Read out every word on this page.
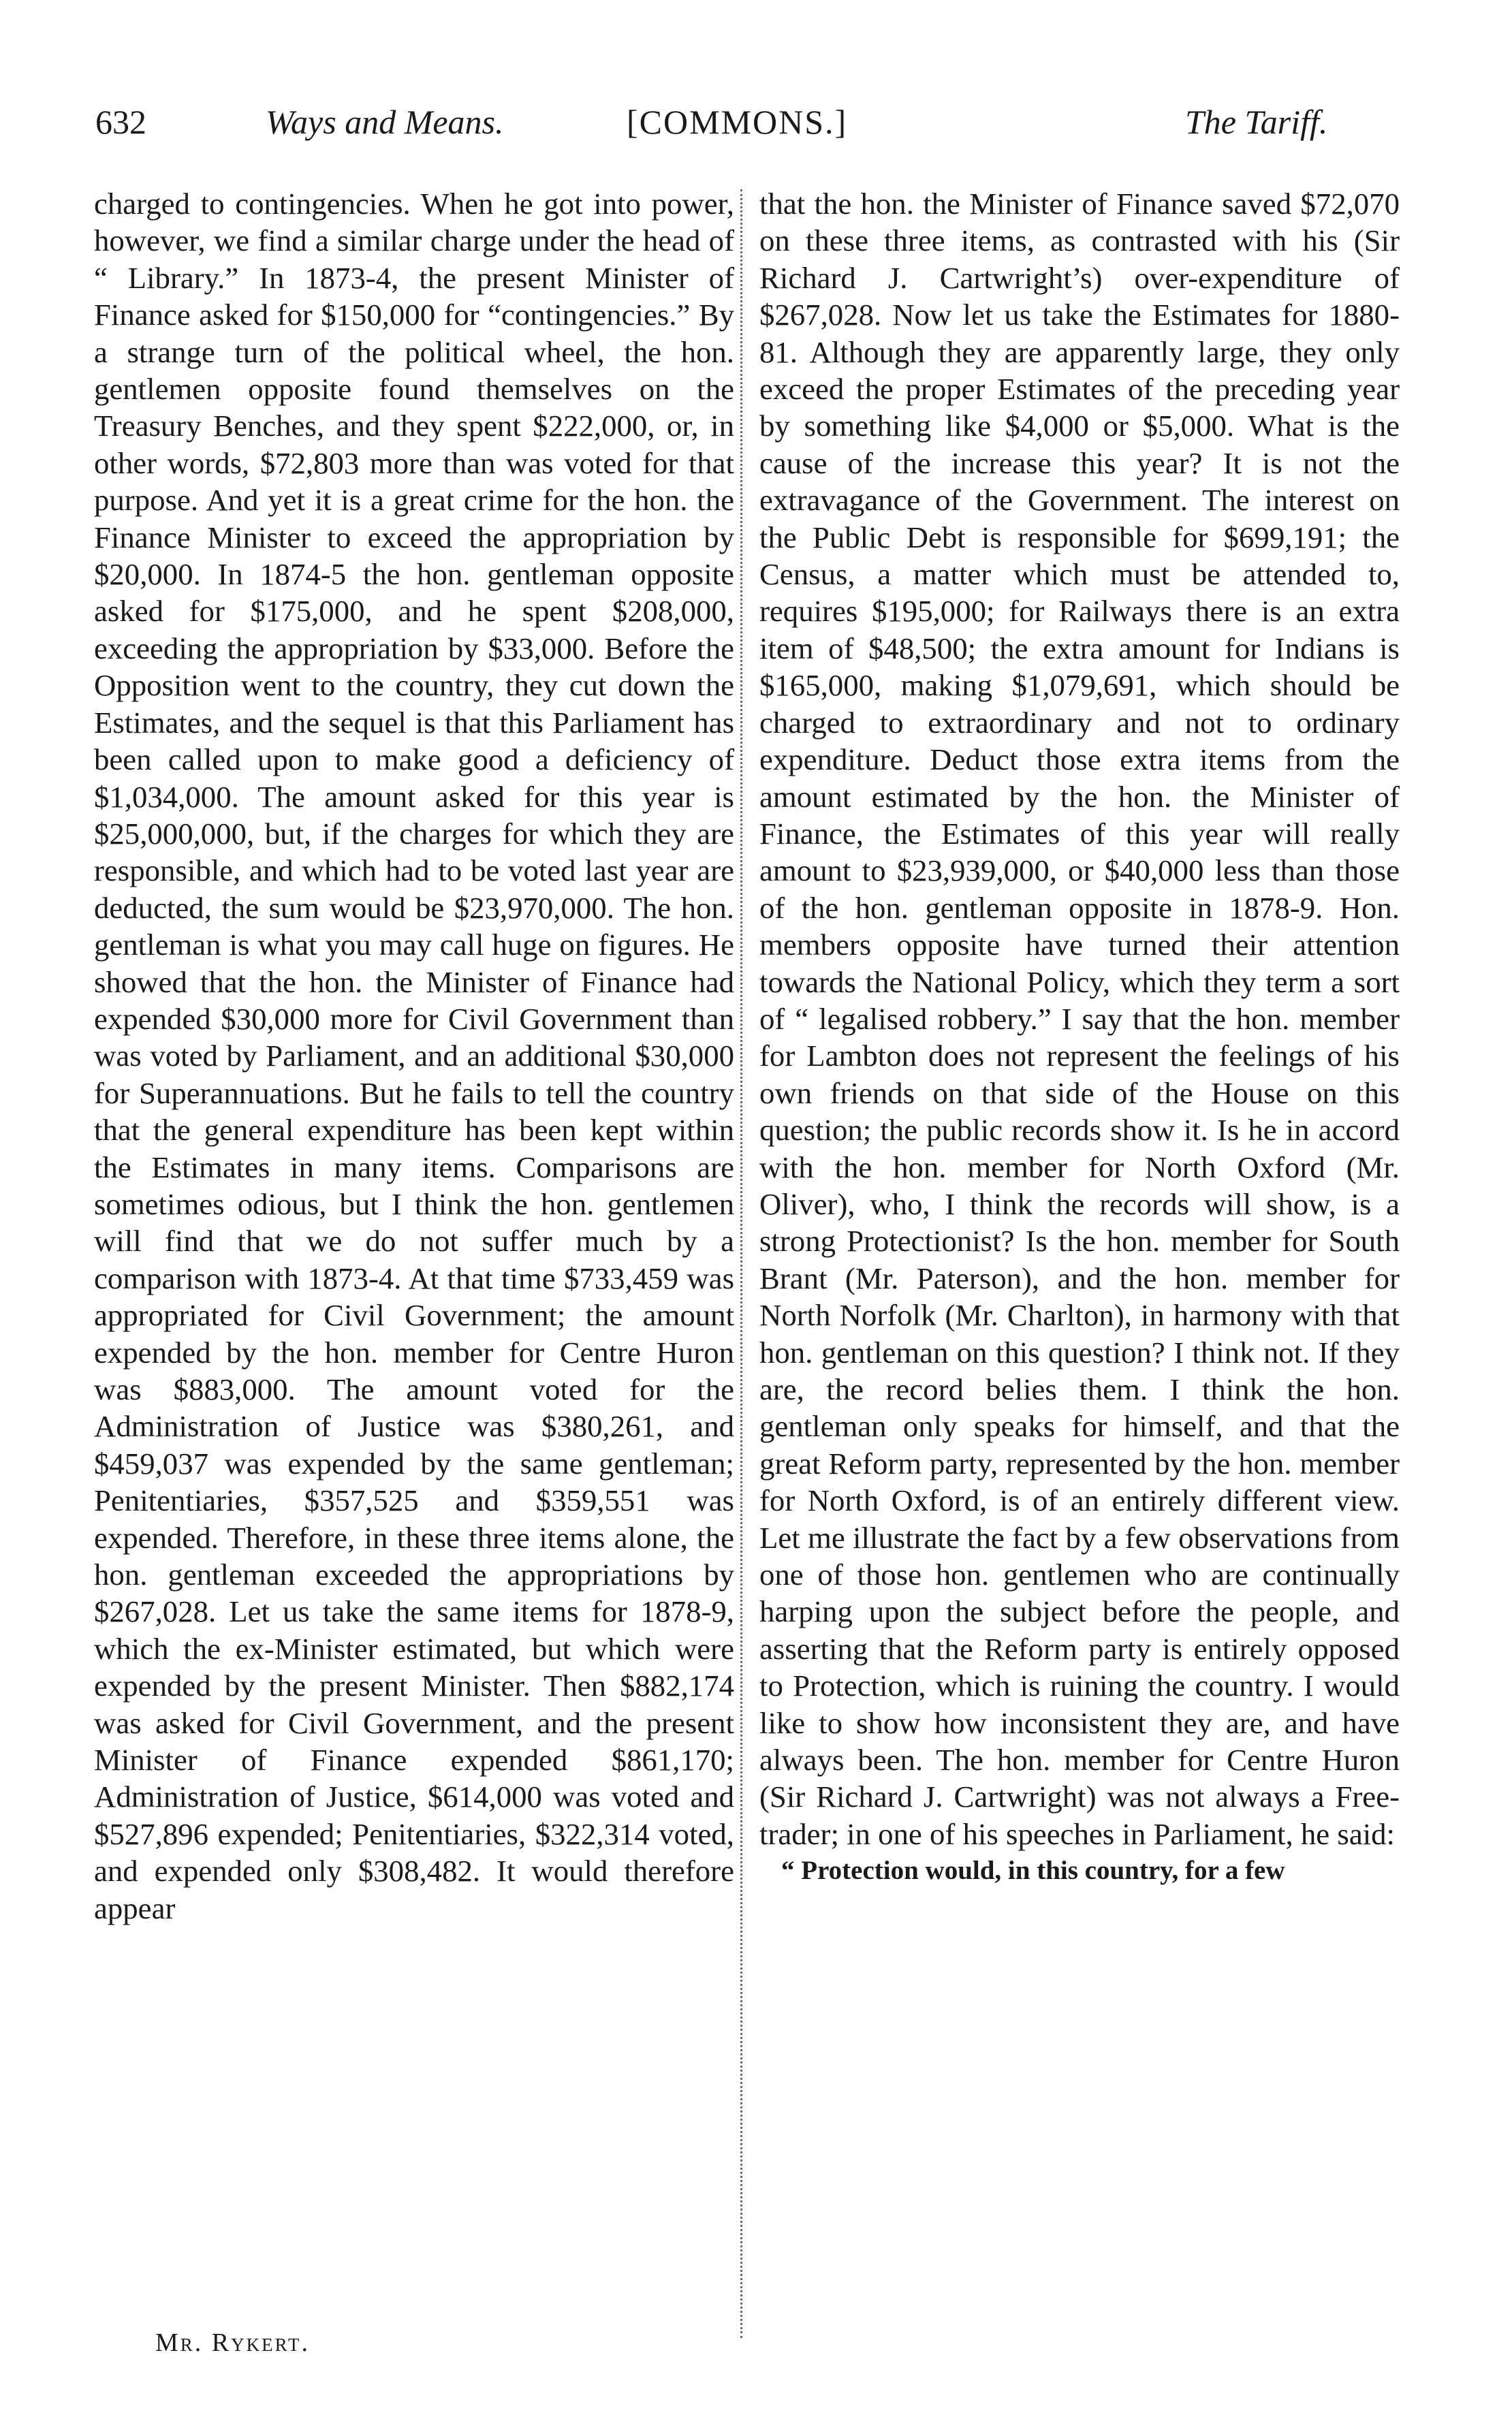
632	Ways and Means.	[COMMONS.]	The Tariff.

charged to contingencies. When he got into power, however, we find a similar charge under the head of “ Library.” In 1873-4, the present Minister of Finance asked for $150,000 for “contingencies.” By a strange turn of the political wheel, the hon. gentlemen opposite found themselves on the Treasury Benches, and they spent $222,000, or, in other words, $72,803 more than was voted for that purpose. And yet it is a great crime for the hon. the Finance Minister to exceed the appropriation by $20,000. In 1874-5 the hon. gentleman opposite asked for $175,000, and he spent $208,000, exceeding the appropriation by $33,000. Before the Opposition went to the country, they cut down the Estimates, and the sequel is that this Parliament has been called upon to make good a deficiency of $1,034,000. The amount asked for this year is $25,000,000, but, if the charges for which they are responsible, and which had to be voted last year are deducted, the sum would be $23,970,000. The hon. gentleman is what you may call huge on figures. He showed that the hon. the Minister of Finance had expended $30,000 more for Civil Government than was voted by Parliament, and an additional $30,000 for Superannuations. But he fails to tell the country that the general expenditure has been kept within the Estimates in many items. Comparisons are sometimes odious, but I think the hon. gentlemen will find that we do not suffer much by a comparison with 1873-4. At that time $733,459 was appropriated for Civil Government; the amount expended by the hon. member for Centre Huron was $883,000. The amount voted for the Administration of Justice was $380,261, and $459,037 was expended by the same gentleman; Penitentiaries, $357,525 and $359,551 was expended. Therefore, in these three items alone, the hon. gentleman exceeded the appropriations by $267,028. Let us take the same items for 1878-9, which the ex-Minister estimated, but which were expended by the present Minister. Then $882,174 was asked for Civil Government, and the present Minister of Finance expended $861,170; Administration of Justice, $614,000 was voted and $527,896 expended; Penitentiaries, $322,314 voted, and expended only $308,482. It would therefore appear

that the hon. the Minister of Finance saved $72,070 on these three items, as contrasted with his (Sir Richard J. Cartwright’s) over-expenditure of $267,028. Now let us take the Estimates for 1880-81. Although they are apparently large, they only exceed the proper Estimates of the preceding year by something like $4,000 or $5,000. What is the cause of the increase this year? It is not the extravagance of the Government. The interest on the Public Debt is responsible for $699,191; the Census, a matter which must be attended to, requires $195,000; for Railways there is an extra item of $48,500; the extra amount for Indians is $165,000, making $1,079,691, which should be charged to extraordinary and not to ordinary expenditure. Deduct those extra items from the amount estimated by the hon. the Minister of Finance, the Estimates of this year will really amount to $23,939,000, or $40,000 less than those of the hon. gentleman opposite in 1878-9. Hon. members opposite have turned their attention towards the National Policy, which they term a sort of “ legalised robbery.” I say that the hon. member for Lambton does not represent the feelings of his own friends on that side of the House on this question; the public records show it. Is he in accord with the hon. member for North Oxford (Mr. Oliver), who, I think the records will show, is a strong Protectionist? Is the hon. member for South Brant (Mr. Paterson), and the hon. member for North Norfolk (Mr. Charlton), in harmony with that hon. gentleman on this question? I think not. If they are, the record belies them. I think the hon. gentleman only speaks for himself, and that the great Reform party, represented by the hon. member for North Oxford, is of an entirely different view. Let me illustrate the fact by a few observations from one of those hon. gentlemen who are continually harping upon the subject before the people, and asserting that the Reform party is entirely opposed to Protection, which is ruining the country. I would like to show how inconsistent they are, and have always been. The hon. member for Centre Huron (Sir Richard J. Cartwright) was not always a Free-trader; in one of his speeches in Parliament, he said:

“ Protection would, in this country, for a few

Mr. Rykert.
